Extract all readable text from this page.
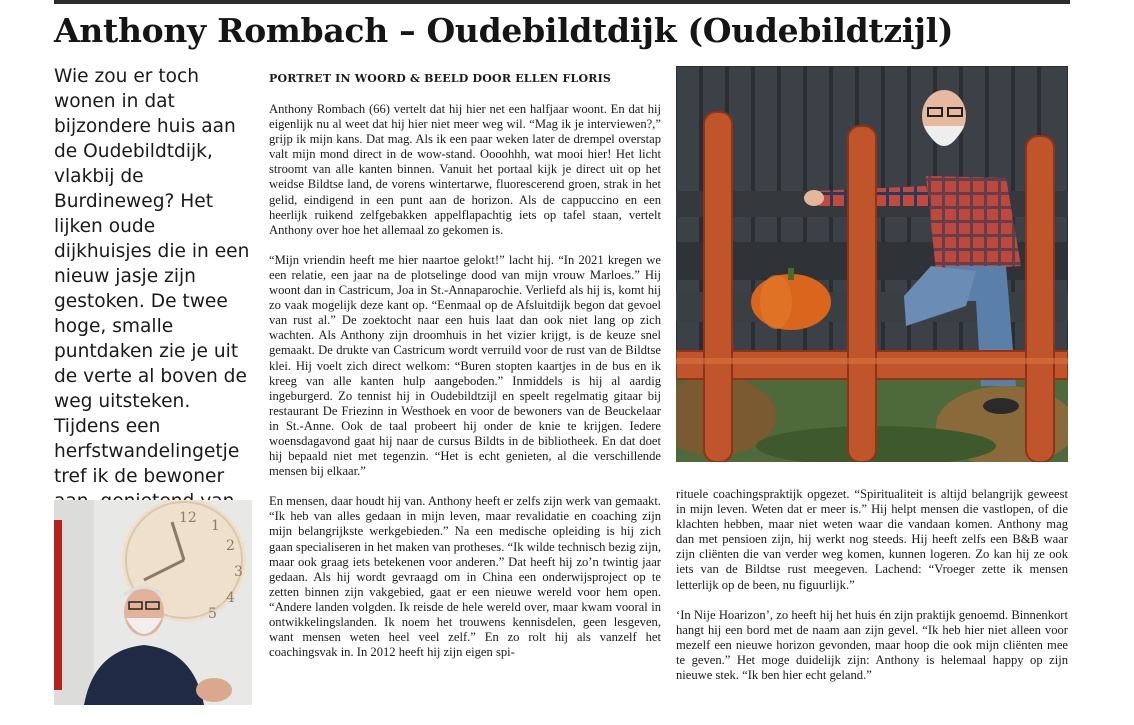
Anthony Rombach – Oudebildtdijk (Oudebildtzijl)

Wie zou er toch wonen in dat bijzondere huis aan de Oudebildtdijk, vlakbij de Burdineweg? Het lijken oude dijkhuisjes die in een nieuw jasje zijn gestoken. De twee hoge, smalle puntdaken zie je uit de verte al boven de weg uitsteken. Tijdens een herfstwandelingetje tref ik de bewoner

PORTRET IN WOORD & BEELD DOOR ELLEN FLORIS

Anthony Rombach (66) vertelt dat hij hier net een halfjaar woont. En dat hij eigenlijk nu al weet dat hij hier niet meer weg wil. “Mag ik je interviewen?,” grijp ik mijn kans. Dat mag. Als ik een paar weken later de drempel overstap valt mijn mond direct in de wow-stand. Oooohhh, wat mooi hier! Het licht stroomt van alle kanten binnen. Vanuit het portaal kijk je direct uit op het weidse Bildtse land, de vorens wintertarwe, fluorescerend groen, strak in het gelid, eindigend in een punt aan de horizon. Als de cappuccino en een heerlijk ruikend zelfgebakken appelflapachtig iets op tafel staan, vertelt Anthony over hoe het allemaal zo gekomen is.

“Mijn vriendin heeft me hier naartoe gelokt!” lacht hij. “In 2021 kregen we een relatie, een jaar na de plotselinge dood van mijn vrouw Marloes.” Hij woont dan in Castricum, Joa in St.-Annaparochie. Verliefd als hij is, komt hij zo vaak mogelijk deze kant op. “Eenmaal op de Afsluitdijk begon dat gevoel van rust al.” De zoektocht naar een huis laat dan ook niet lang op zich wachten. Als Anthony zijn droomhuis in het vizier krijgt, is de keuze snel gemaakt. De drukte van Castricum wordt verruild voor de rust van de Bildtse klei. Hij voelt zich direct welkom: “Buren stopten kaartjes in de bus en ik kreeg van alle kanten hulp aangeboden.” Inmiddels is hij al aardig ingeburgerd. Zo tennist hij in Oudebildtzijl en speelt regelmatig gitaar bij restaurant De Friezinn in Westhoek en voor de bewoners van de Beuckelaar in St.-Anne. Ook de taal probeert hij onder de knie te krijgen. Iedere woensdagavond gaat hij naar de cursus Bildts in de bibliotheek. En dat doet hij bepaald niet met tegenzin. “Het is echt genieten, al die verschillende mensen bij elkaar.”

En mensen, daar houdt hij van. Anthony heeft er zelfs zijn werk van gemaakt. “Ik heb van alles gedaan in mijn leven, maar revalidatie en coaching zijn mijn belangrijkste werkgebieden.” Na een medische opleiding is hij zich gaan specialiseren in het maken van protheses. “Ik wilde technisch bezig zijn, maar ook graag iets betekenen voor anderen.” Dat heeft hij zo’n twintig jaar gedaan. Als hij wordt gevraagd om in China een onderwijsproject op te zetten binnen zijn vakgebied, gaat er een nieuwe wereld voor hem open. “Andere landen volgden. Ik reisde de hele wereld over, maar kwam vooral in ontwikkelingslanden. Ik noem het trouwens kennisdelen, geen lesgeven, want mensen weten heel veel zelf.” En zo rolt hij als vanzelf het coachingsvak in. In 2012 heeft hij zijn eigen spi-

rituele coachingspraktijk opgezet. “Spiritualiteit is altijd belangrijk geweest in mijn leven. Weten dat er meer is.” Hij helpt mensen die vastlopen, of die klachten hebben, maar niet weten waar die vandaan komen. Anthony mag dan met pensioen zijn, hij werkt nog steeds. Hij heeft zelfs een B&B waar zijn cliënten die van verder weg komen, kunnen logeren. Zo kan hij ze ook iets van de Bildtse rust meegeven. Lachend: “Vroeger zette ik mensen letterlijk op de been, nu figuurlijk.”

‘In Nije Hoarizon’, zo heeft hij het huis én zijn praktijk genoemd. Binnenkort hangt hij een bord met de naam aan zijn gevel. “Ik heb hier niet alleen voor mezelf een nieuwe horizon gevonden, maar hoop die ook mijn cliënten mee te geven.” Het moge duidelijk zijn: Anthony is helemaal happy op zijn nieuwe stek. “Ik ben hier echt geland.”

12 1
2
3
4
5
